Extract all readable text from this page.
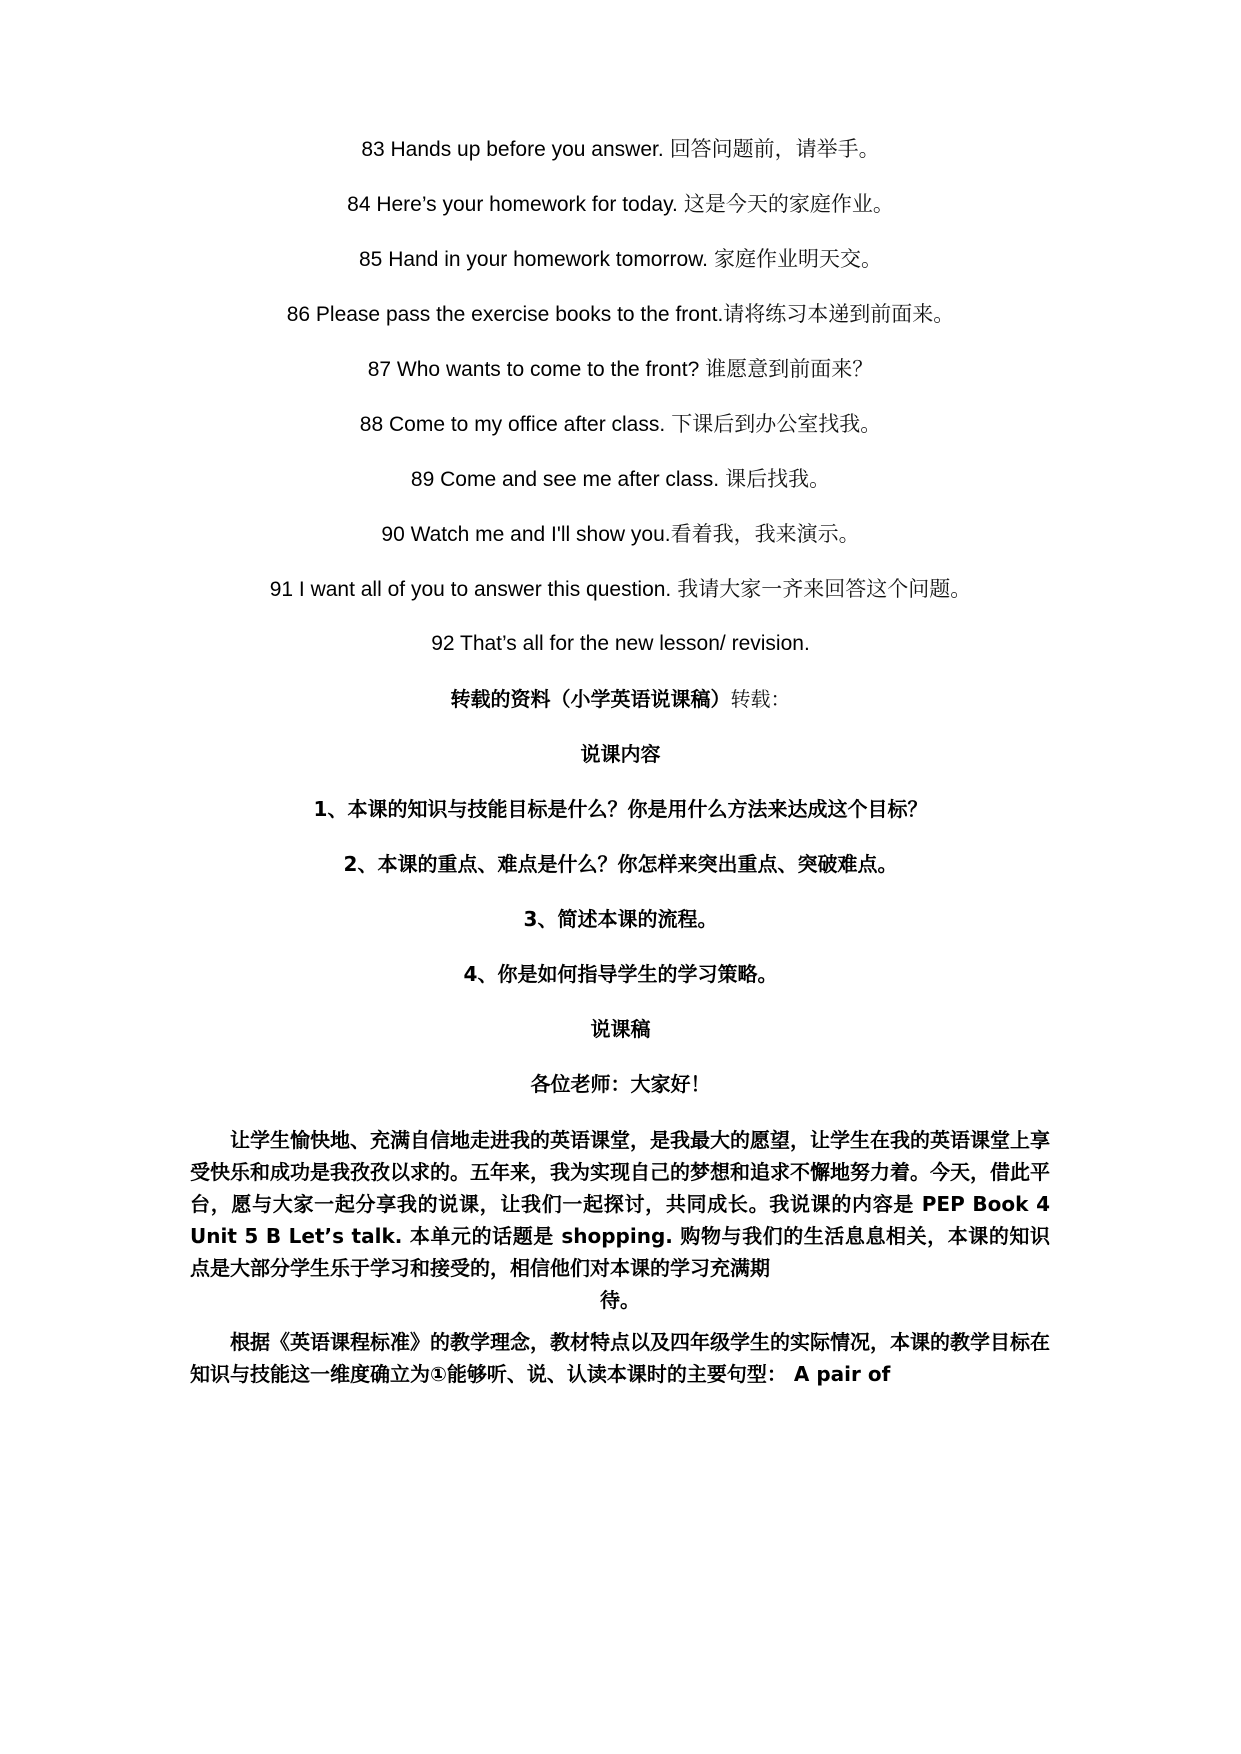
83 Hands up before you answer. 回答问题前，请举手。
84 Here’s your homework for today. 这是今天的家庭作业。
85 Hand in your homework tomorrow. 家庭作业明天交。
86 Please pass the exercise books to the front.请将练习本递到前面来。
87 Who wants to come to the front? 谁愿意到前面来？
88 Come to my office after class. 下课后到办公室找我。
89 Come and see me after class. 课后找我。
90 Watch me and I'll show you.看着我，我来演示。
91 I want all of you to answer this question. 我请大家一齐来回答这个问题。
92 That’s all for the new lesson/ revision.
转载的资料（小学英语说课稿）转载：
说课内容
1、本课的知识与技能目标是什么？你是用什么方法来达成这个目标？
2、本课的重点、难点是什么？你怎样来突出重点、突破难点。
3、简述本课的流程。
4、你是如何指导学生的学习策略。
说课稿
各位老师：大家好！
让学生愉快地、充满自信地走进我的英语课堂，是我最大的愿望，让学生在我的英语课堂上享受快乐和成功是我孜孜以求的。五年来，我为实现自己的梦想和追求不懈地努力着。今天，借此平台，愿与大家一起分享我的说课，让我们一起探讨，共同成长。我说课的内容是 PEP Book 4 Unit 5 B Let’s talk. 本单元的话题是 shopping. 购物与我们的生活息息相关，本课的知识点是大部分学生乐于学习和接受的，相信他们对本课的学习充满期
待。
根据《英语课程标准》的教学理念，教材特点以及四年级学生的实际情况，本课的教学目标在知识与技能这一维度确立为①能够听、说、认读本课时的主要句型： A pair of
